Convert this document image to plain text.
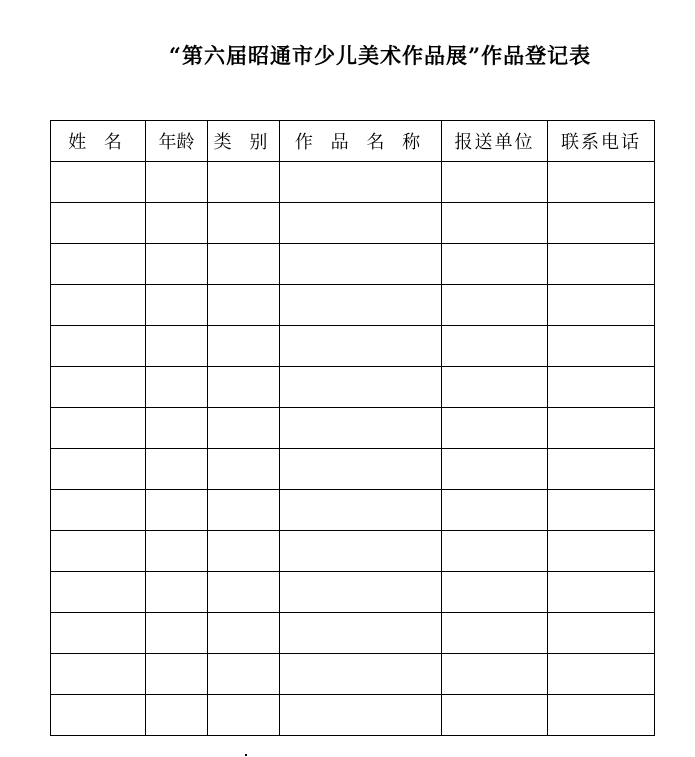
“第六届昭通市少儿美术作品展”作品登记表
姓 名	年龄	类 别	作 品 名 称	报送单位	联系电话
